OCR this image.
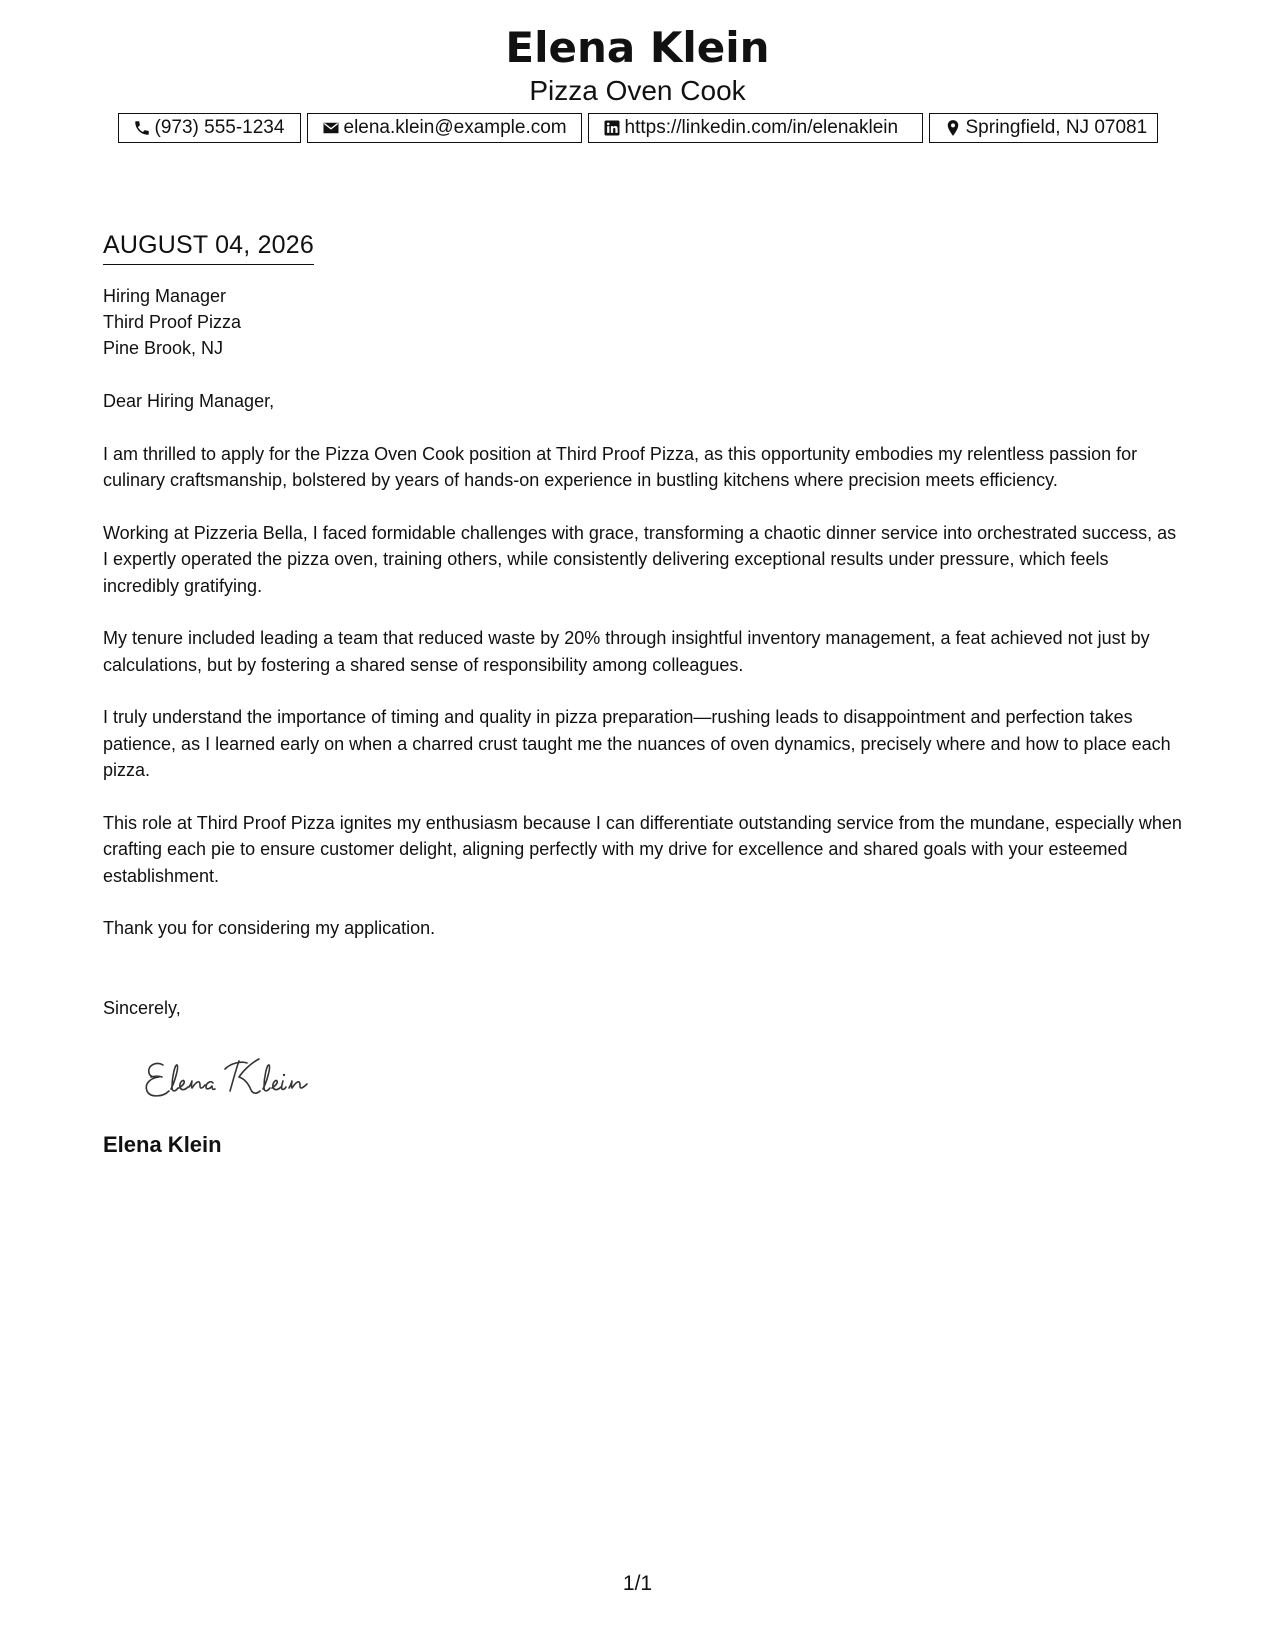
Elena Klein
Pizza Oven Cook
(973) 555-1234	elena.klein@example.com	https://linkedin.com/in/elenaklein	Springfield, NJ 07081
AUGUST 04, 2026
Hiring Manager
Third Proof Pizza
Pine Brook, NJ
Dear Hiring Manager,

I am thrilled to apply for the Pizza Oven Cook position at Third Proof Pizza, as this opportunity embodies my relentless passion for culinary craftsmanship, bolstered by years of hands-on experience in bustling kitchens where precision meets efficiency.

Working at Pizzeria Bella, I faced formidable challenges with grace, transforming a chaotic dinner service into orchestrated success, as I expertly operated the pizza oven, training others, while consistently delivering exceptional results under pressure, which feels incredibly gratifying.

My tenure included leading a team that reduced waste by 20% through insightful inventory management, a feat achieved not just by calculations, but by fostering a shared sense of responsibility among colleagues.

I truly understand the importance of timing and quality in pizza preparation—rushing leads to disappointment and perfection takes patience, as I learned early on when a charred crust taught me the nuances of oven dynamics, precisely where and how to place each pizza.

This role at Third Proof Pizza ignites my enthusiasm because I can differentiate outstanding service from the mundane, especially when crafting each pie to ensure customer delight, aligning perfectly with my drive for excellence and shared goals with your esteemed establishment.

Thank you for considering my application.

Sincerely,
Elena Klein
1/1
